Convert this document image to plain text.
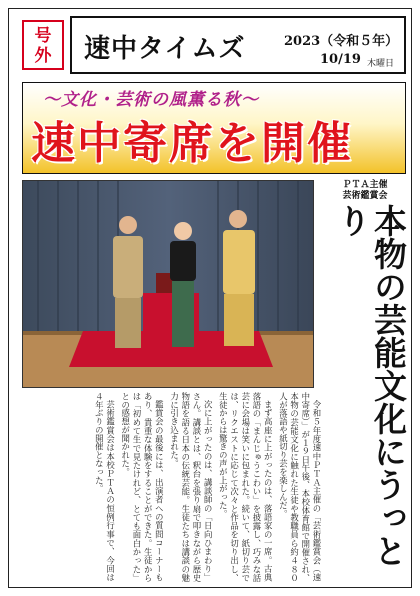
号
外	速中タイムズ	2023（令和５年）
10/19 木曜日
〜文化・芸術の風薫る秋〜
速中寄席を開催
ＰＴＡ主催
芸術鑑賞会
本物の芸能文化にうっとり

令和５年度速中ＰＴＡ主催の「芸術鑑賞会（速中寄席）」が１９日午後、本校体育館で開催され、本物の芸能文化に触れた生徒や教職員ら約４８０人が落語や紙切り芸を楽しんだ。

まず高座に上がったのは、落語家の一席。古典落語の「まんじゅうこわい」を披露し、巧みな話芸に会場は笑いに包まれた。続いて、紙切り芸では、リクエストに応じて次々と作品を切り出し、生徒からは驚きの声が上がった。

次に上がったのは、講談師の「日向ひまわり」さん。講談とは、釈台を張り扇で叩きながら歴史物語を語る日本の伝統芸能。生徒たちは講談の魅力に引き込まれた。

鑑賞会の最後には、出演者への質問コーナーもあり、貴重な体験をすることができた。生徒からは「初めて生で見たけれど、とても面白かった」との感想が聞かれた。

芸術鑑賞会は本校ＰＴＡの恒例行事で、今回は４年ぶりの開催となった。
